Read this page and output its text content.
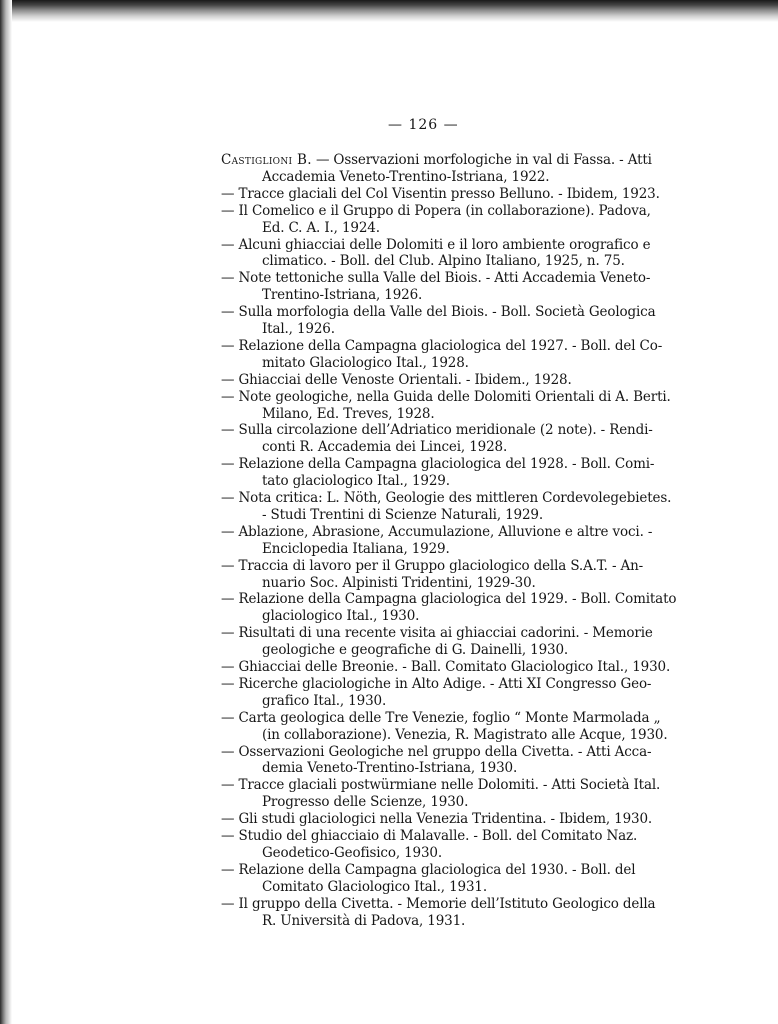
— 126 —
Castiglioni B. — Osservazioni morfologiche in val di Fassa. - Atti
Accademia Veneto-Trentino-Istriana, 1922.
— Tracce glaciali del Col Visentin presso Belluno. - Ibidem, 1923.
— Il Comelico e il Gruppo di Popera (in collaborazione). Padova,
Ed. C. A. I., 1924.
— Alcuni ghiacciai delle Dolomiti e il loro ambiente orografico e
climatico. - Boll. del Club. Alpino Italiano, 1925, n. 75.
— Note tettoniche sulla Valle del Biois. - Atti Accademia Veneto-
Trentino-Istriana, 1926.
— Sulla morfologia della Valle del Biois. - Boll. Società Geologica
Ital., 1926.
— Relazione della Campagna glaciologica del 1927. - Boll. del Co-
mitato Glaciologico Ital., 1928.
— Ghiacciai delle Venoste Orientali. - Ibidem., 1928.
— Note geologiche, nella Guida delle Dolomiti Orientali di A. Berti.
Milano, Ed. Treves, 1928.
— Sulla circolazione dell’Adriatico meridionale (2 note). - Rendi-
conti R. Accademia dei Lincei, 1928.
— Relazione della Campagna glaciologica del 1928. - Boll. Comi-
tato glaciologico Ital., 1929.
— Nota critica: L. Nöth, Geologie des mittleren Cordevolegebietes.
- Studi Trentini di Scienze Naturali, 1929.
— Ablazione, Abrasione, Accumulazione, Alluvione e altre voci. -
Enciclopedia Italiana, 1929.
— Traccia di lavoro per il Gruppo glaciologico della S.A.T. - An-
nuario Soc. Alpinisti Tridentini, 1929-30.
— Relazione della Campagna glaciologica del 1929. - Boll. Comitato
glaciologico Ital., 1930.
— Risultati di una recente visita ai ghiacciai cadorini. - Memorie
geologiche e geografiche di G. Dainelli, 1930.
— Ghiacciai delle Breonie. - Ball. Comitato Glaciologico Ital., 1930.
— Ricerche glaciologiche in Alto Adige. - Atti XI Congresso Geo-
grafico Ital., 1930.
— Carta geologica delle Tre Venezie, foglio “ Monte Marmolada „
(in collaborazione). Venezia, R. Magistrato alle Acque, 1930.
— Osservazioni Geologiche nel gruppo della Civetta. - Atti Acca-
demia Veneto-Trentino-Istriana, 1930.
— Tracce glaciali postwürmiane nelle Dolomiti. - Atti Società Ital.
Progresso delle Scienze, 1930.
— Gli studi glaciologici nella Venezia Tridentina. - Ibidem, 1930.
— Studio del ghiacciaio di Malavalle. - Boll. del Comitato Naz.
Geodetico-Geofisico, 1930.
— Relazione della Campagna glaciologica del 1930. - Boll. del
Comitato Glaciologico Ital., 1931.
— Il gruppo della Civetta. - Memorie dell’Istituto Geologico della
R. Università di Padova, 1931.
